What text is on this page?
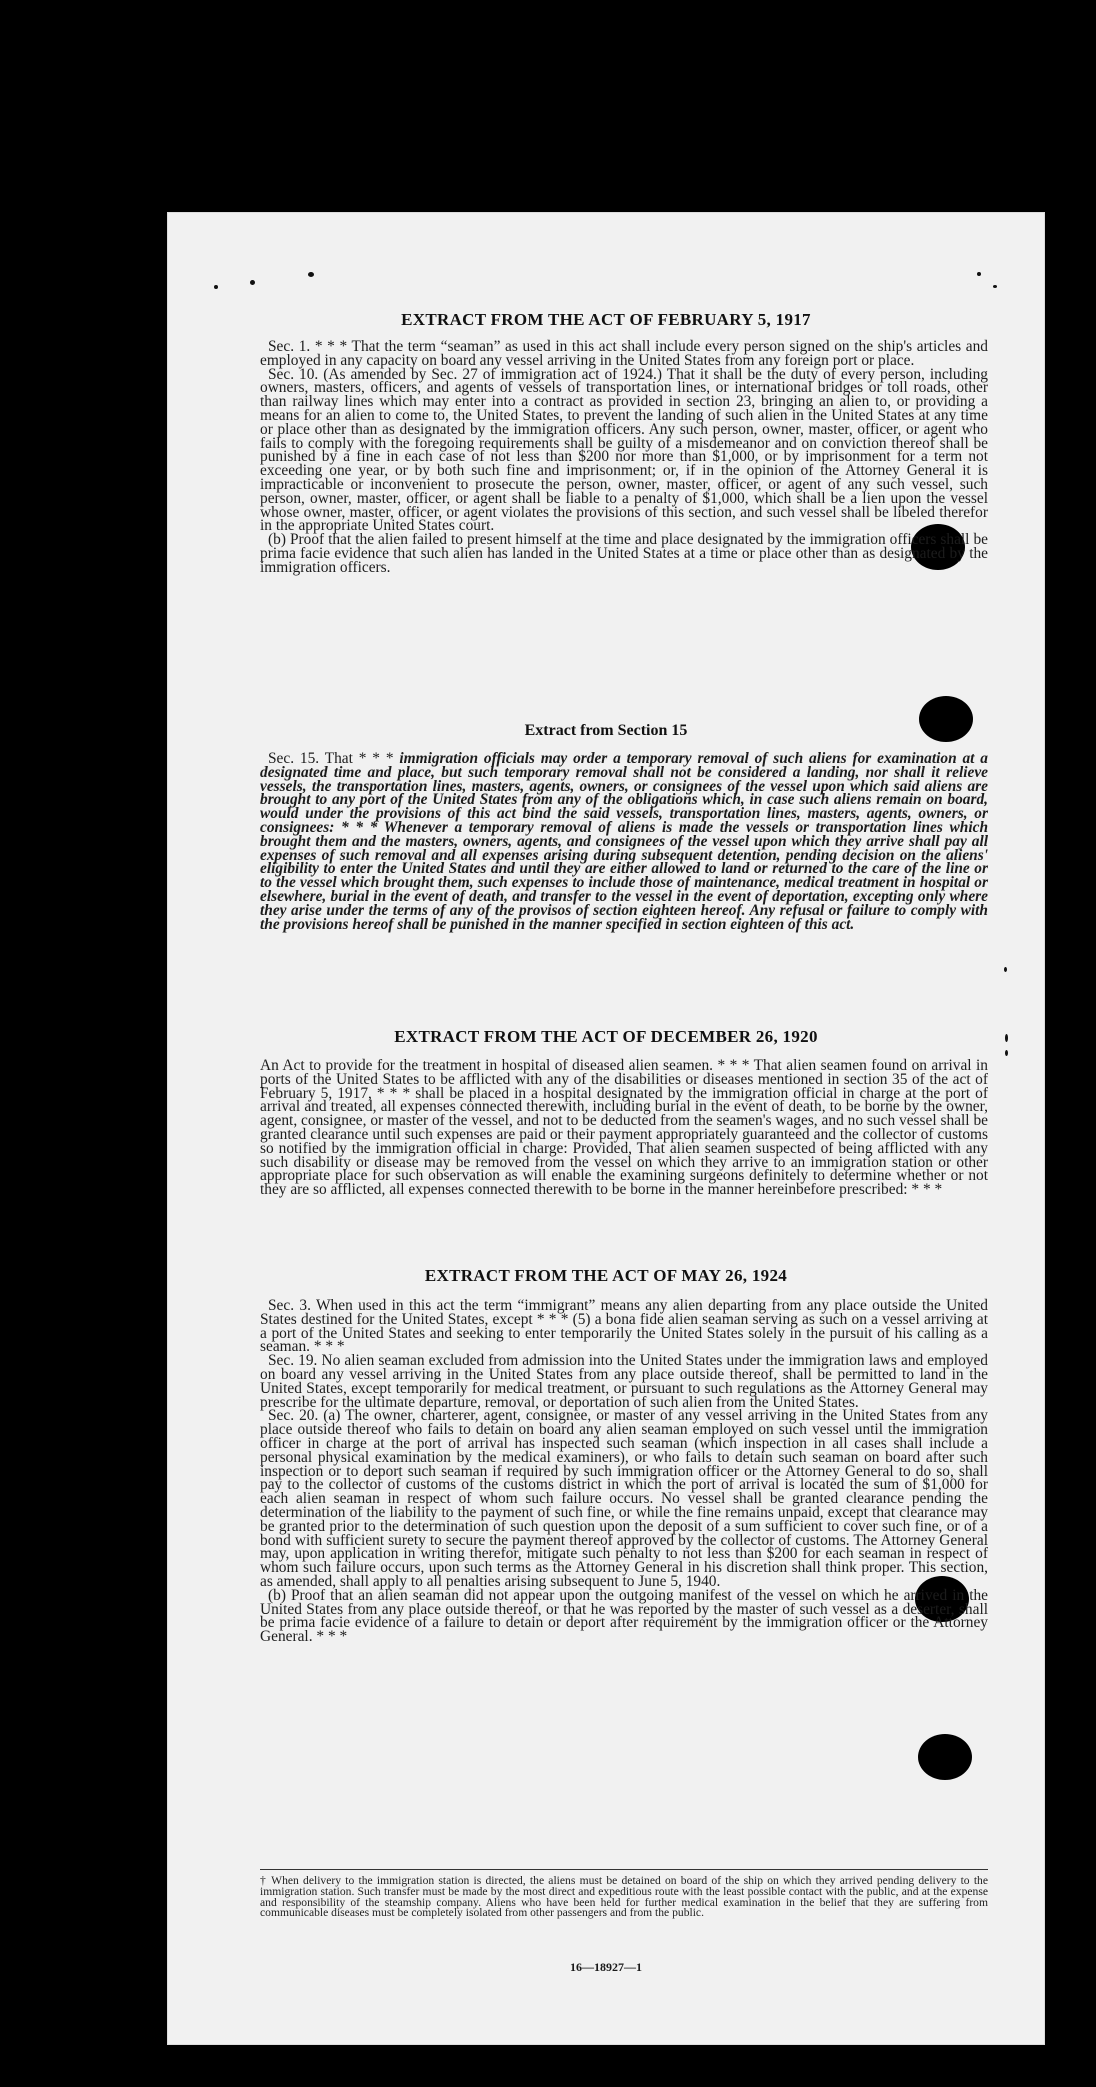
EXTRACT FROM THE ACT OF FEBRUARY 5, 1917

Sec. 1. * * * That the term “seaman” as used in this act shall include every person signed on the ship's articles and employed in any capacity on board any vessel arriving in the United States from any foreign port or place.

Sec. 10. (As amended by Sec. 27 of immigration act of 1924.) That it shall be the duty of every person, including owners, masters, officers, and agents of vessels of transportation lines, or international bridges or toll roads, other than railway lines which may enter into a contract as provided in section 23, bringing an alien to, or providing a means for an alien to come to, the United States, to prevent the landing of such alien in the United States at any time or place other than as designated by the immigration officers. Any such person, owner, master, officer, or agent who fails to comply with the foregoing requirements shall be guilty of a misdemeanor and on conviction thereof shall be punished by a fine in each case of not less than $200 nor more than $1,000, or by imprisonment for a term not exceeding one year, or by both such fine and imprisonment; or, if in the opinion of the Attorney General it is impracticable or inconvenient to prosecute the person, owner, master, officer, or agent of any such vessel, such person, owner, master, officer, or agent shall be liable to a penalty of $1,000, which shall be a lien upon the vessel whose owner, master, officer, or agent violates the provisions of this section, and such vessel shall be libeled therefor in the appropriate United States court.

(b) Proof that the alien failed to present himself at the time and place designated by the immigration officers shall be prima facie evidence that such alien has landed in the United States at a time or place other than as designated by the immigration officers.

Extract from Section 15

Sec. 15. That * * * immigration officials may order a temporary removal of such aliens for examination at a designated time and place, but such temporary removal shall not be considered a landing, nor shall it relieve vessels, the transportation lines, masters, agents, owners, or consignees of the vessel upon which said aliens are brought to any port of the United States from any of the obligations which, in case such aliens remain on board, would under the provisions of this act bind the said vessels, transportation lines, masters, agents, owners, or consignees: * * * Whenever a temporary removal of aliens is made the vessels or transportation lines which brought them and the masters, owners, agents, and consignees of the vessel upon which they arrive shall pay all expenses of such removal and all expenses arising during subsequent detention, pending decision on the aliens' eligibility to enter the United States and until they are either allowed to land or returned to the care of the line or to the vessel which brought them, such expenses to include those of maintenance, medical treatment in hospital or elsewhere, burial in the event of death, and transfer to the vessel in the event of deportation, excepting only where they arise under the terms of any of the provisos of section eighteen hereof. Any refusal or failure to comply with the provisions hereof shall be punished in the manner specified in section eighteen of this act.

EXTRACT FROM THE ACT OF DECEMBER 26, 1920

An Act to provide for the treatment in hospital of diseased alien seamen. * * * That alien seamen found on arrival in ports of the United States to be afflicted with any of the disabilities or diseases mentioned in section 35 of the act of February 5, 1917, * * * shall be placed in a hospital designated by the immigration official in charge at the port of arrival and treated, all expenses connected therewith, including burial in the event of death, to be borne by the owner, agent, consignee, or master of the vessel, and not to be deducted from the seamen's wages, and no such vessel shall be granted clearance until such expenses are paid or their payment appropriately guaranteed and the collector of customs so notified by the immigration official in charge: Provided, That alien seamen suspected of being afflicted with any such disability or disease may be removed from the vessel on which they arrive to an immigration station or other appropriate place for such observation as will enable the examining surgeons definitely to determine whether or not they are so afflicted, all expenses connected therewith to be borne in the manner hereinbefore prescribed: * * *

EXTRACT FROM THE ACT OF MAY 26, 1924

Sec. 3. When used in this act the term “immigrant” means any alien departing from any place outside the United States destined for the United States, except * * * (5) a bona fide alien seaman serving as such on a vessel arriving at a port of the United States and seeking to enter temporarily the United States solely in the pursuit of his calling as a seaman. * * *

Sec. 19. No alien seaman excluded from admission into the United States under the immigration laws and employed on board any vessel arriving in the United States from any place outside thereof, shall be permitted to land in the United States, except temporarily for medical treatment, or pursuant to such regulations as the Attorney General may prescribe for the ultimate departure, removal, or deportation of such alien from the United States.

Sec. 20. (a) The owner, charterer, agent, consignee, or master of any vessel arriving in the United States from any place outside thereof who fails to detain on board any alien seaman employed on such vessel until the immigration officer in charge at the port of arrival has inspected such seaman (which inspection in all cases shall include a personal physical examination by the medical examiners), or who fails to detain such seaman on board after such inspection or to deport such seaman if required by such immigration officer or the Attorney General to do so, shall pay to the collector of customs of the customs district in which the port of arrival is located the sum of $1,000 for each alien seaman in respect of whom such failure occurs. No vessel shall be granted clearance pending the determination of the liability to the payment of such fine, or while the fine remains unpaid, except that clearance may be granted prior to the determination of such question upon the deposit of a sum sufficient to cover such fine, or of a bond with sufficient surety to secure the payment thereof approved by the collector of customs. The Attorney General may, upon application in writing therefor, mitigate such penalty to not less than $200 for each seaman in respect of whom such failure occurs, upon such terms as the Attorney General in his discretion shall think proper. This section, as amended, shall apply to all penalties arising subsequent to June 5, 1940.

(b) Proof that an alien seaman did not appear upon the outgoing manifest of the vessel on which he arrived in the United States from any place outside thereof, or that he was reported by the master of such vessel as a deserter, shall be prima facie evidence of a failure to detain or deport after requirement by the immigration officer or the Attorney General. * * *

† When delivery to the immigration station is directed, the aliens must be detained on board of the ship on which they arrived pending delivery to the immigration station. Such transfer must be made by the most direct and expeditious route with the least possible contact with the public, and at the expense and responsibility of the steamship company. Aliens who have been held for further medical examination in the belief that they are suffering from communicable diseases must be completely isolated from other passengers and from the public.
16—18927—1
